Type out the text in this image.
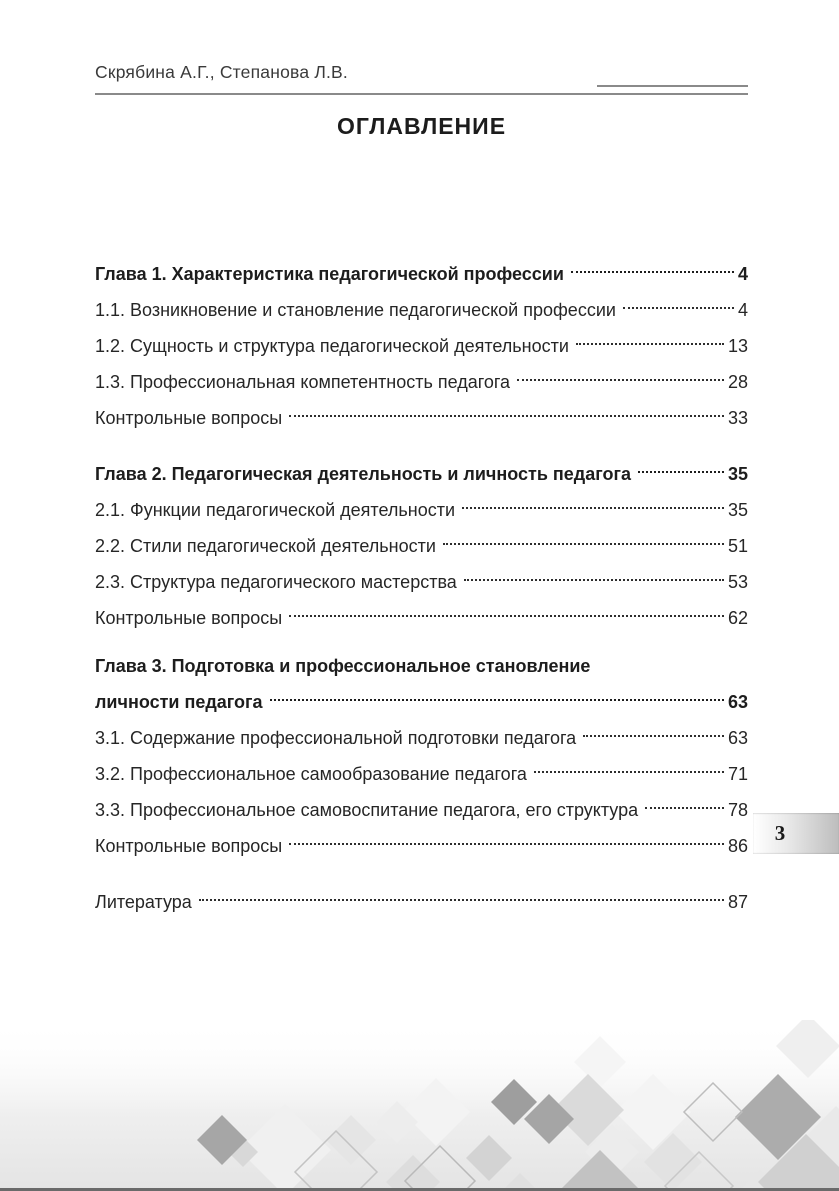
Скрябина А.Г., Степанова Л.В.
ОГЛАВЛЕНИЕ
Глава 1. Характеристика педагогической профессии	4
1.1. Возникновение и становление педагогической профессии	4
1.2. Сущность и структура педагогической деятельности	13
1.3. Профессиональная компетентность педагога	28
Контрольные вопросы	33
Глава 2. Педагогическая деятельность и личность педагога	35
2.1. Функции педагогической деятельности	35
2.2. Стили педагогической деятельности	51
2.3. Структура педагогического мастерства	53
Контрольные вопросы	62
Глава 3. Подготовка и профессиональное становление
личности педагога	63
3.1. Содержание профессиональной подготовки педагога	63
3.2. Профессиональное самообразование педагога	71
3.3. Профессиональное самовоспитание педагога, его структура	78
Контрольные вопросы	86
Литература	87
3
